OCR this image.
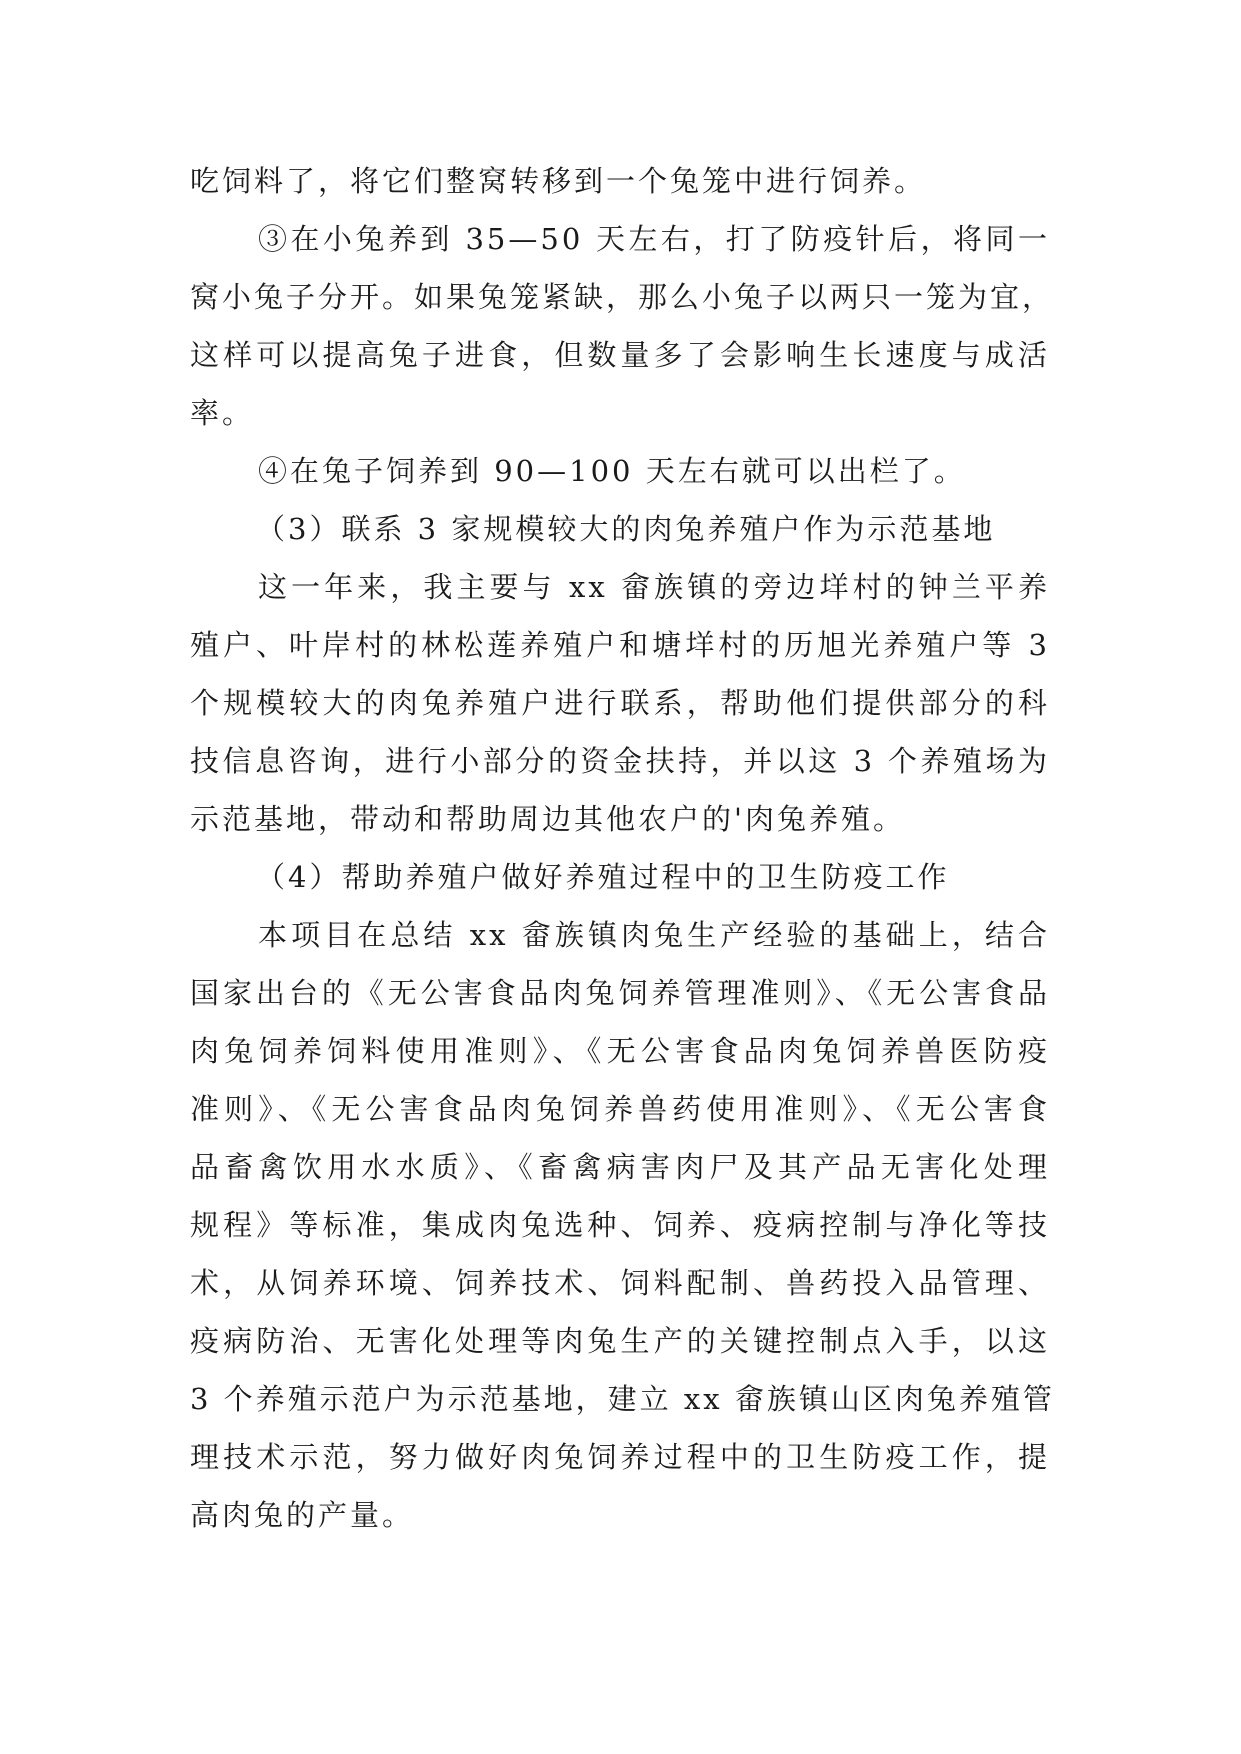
吃饲料了，将它们整窝转移到一个兔笼中进行饲养。
③在小兔养到 35—50 天左右，打了防疫针后，将同一
窝小兔子分开。如果兔笼紧缺，那么小兔子以两只一笼为宜，
这样可以提高兔子进食，但数量多了会影响生长速度与成活
率。
④在兔子饲养到 90—100 天左右就可以出栏了。
（3）联系 3 家规模较大的肉兔养殖户作为示范基地
这一年来，我主要与 xx 畲族镇的旁边垟村的钟兰平养
殖户、叶岸村的林松莲养殖户和塘垟村的历旭光养殖户等 3
个规模较大的肉兔养殖户进行联系，帮助他们提供部分的科
技信息咨询，进行小部分的资金扶持，并以这 3 个养殖场为
示范基地，带动和帮助周边其他农户的'肉兔养殖。
（4）帮助养殖户做好养殖过程中的卫生防疫工作
本项目在总结 xx 畲族镇肉兔生产经验的基础上，结合
国家出台的《无公害食品肉兔饲养管理准则》、《无公害食品
肉兔饲养饲料使用准则》、《无公害食品肉兔饲养兽医防疫
准则》、《无公害食品肉兔饲养兽药使用准则》、《无公害食
品畜禽饮用水水质》、《畜禽病害肉尸及其产品无害化处理
规程》等标准，集成肉兔选种、饲养、疫病控制与净化等技
术，从饲养环境、饲养技术、饲料配制、兽药投入品管理、
疫病防治、无害化处理等肉兔生产的关键控制点入手，以这
3 个养殖示范户为示范基地，建立 xx 畲族镇山区肉兔养殖管
理技术示范，努力做好肉兔饲养过程中的卫生防疫工作，提
高肉兔的产量。
